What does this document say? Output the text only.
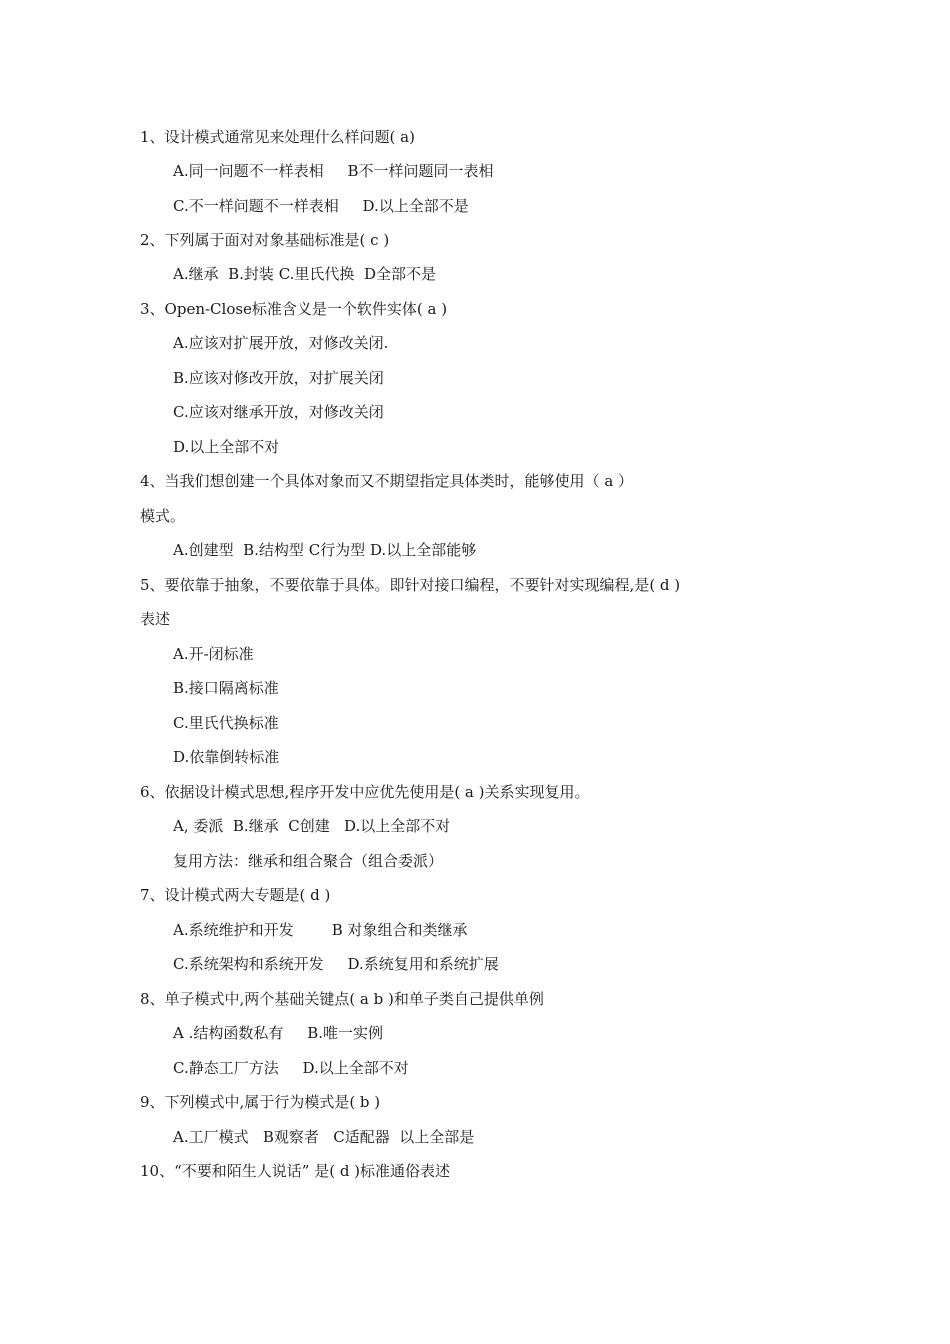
1、设计模式通常见来处理什么样问题( a)
A.同一问题不一样表相     B不一样问题同一表相
C.不一样问题不一样表相     D.以上全部不是
2、下列属于面对对象基础标准是( c )
A.继承  B.封装 C.里氏代换  D全部不是
3、Open-Close标准含义是一个软件实体( a )
A.应该对扩展开放，对修改关闭.
B.应该对修改开放，对扩展关闭
C.应该对继承开放，对修改关闭
D.以上全部不对
4、当我们想创建一个具体对象而又不期望指定具体类时，能够使用（ a ）
模式。
A.创建型  B.结构型 C行为型 D.以上全部能够
5、要依靠于抽象，不要依靠于具体。即针对接口编程，不要针对实现编程,是( d )
表述
A.开-闭标准
B.接口隔离标准
C.里氏代换标准
D.依靠倒转标准
6、依据设计模式思想,程序开发中应优先使用是( a )关系实现复用。
A, 委派  B.继承  C创建   D.以上全部不对
复用方法：继承和组合聚合（组合委派）
7、设计模式两大专题是( d )
A.系统维护和开发        B 对象组合和类继承
C.系统架构和系统开发     D.系统复用和系统扩展
8、单子模式中,两个基础关键点( a b )和单子类自己提供单例
A .结构函数私有     B.唯一实例
C.静态工厂方法     D.以上全部不对
9、下列模式中,属于行为模式是( b )
A.工厂模式   B观察者   C适配器  以上全部是
10、“不要和陌生人说话” 是( d )标准通俗表述
